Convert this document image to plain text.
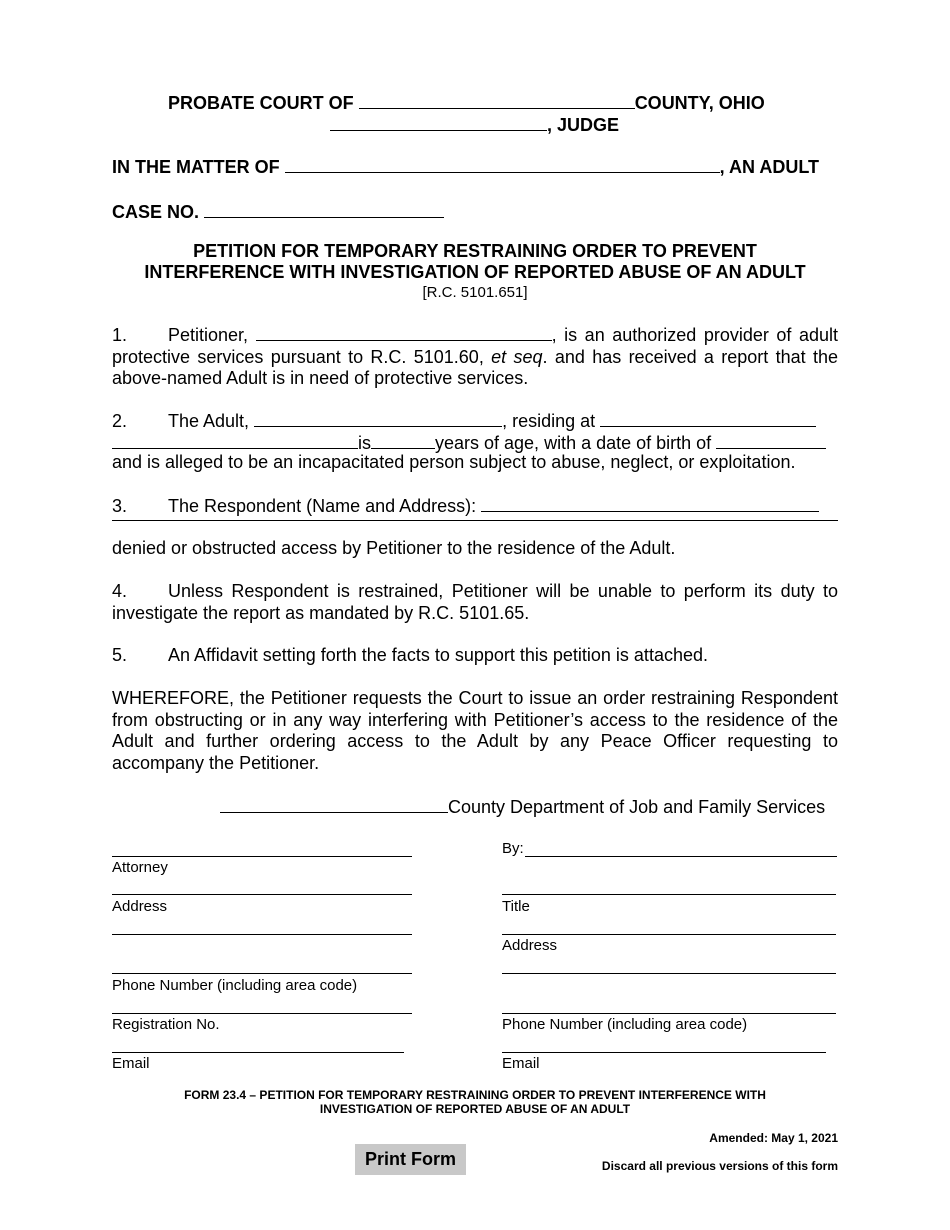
PROBATE COURT OF	COUNTY, OHIO
, JUDGE
IN THE MATTER OF	, AN ADULT
CASE NO.
PETITION FOR TEMPORARY RESTRAINING ORDER TO PREVENT
INTERFERENCE WITH INVESTIGATION OF REPORTED ABUSE OF AN ADULT
[R.C. 5101.651]
1. Petitioner,	, is an authorized provider of adult protective services pursuant to R.C. 5101.60, et seq. and has received a report that the above-named Adult is in need of protective services.
2. The Adult,	, residing at
is	years of age, with a date of birth of
and is alleged to be an incapacitated person subject to abuse, neglect, or exploitation.
3. The Respondent (Name and Address):
denied or obstructed access by Petitioner to the residence of the Adult.
4. Unless Respondent is restrained, Petitioner will be unable to perform its duty to investigate the report as mandated by R.C. 5101.65.
5. An Affidavit setting forth the facts to support this petition is attached.
WHEREFORE, the Petitioner requests the Court to issue an order restraining Respondent from obstructing or in any way interfering with Petitioner’s access to the residence of the Adult and further ordering access to the Adult by any Peace Officer requesting to accompany the Petitioner.
County Department of Job and Family Services
Attorney
Address
Phone Number (including area code)
Registration No.
Email
By:
Title
Address
Phone Number (including area code)
Email
FORM 23.4 – PETITION FOR TEMPORARY RESTRAINING ORDER TO PREVENT INTERFERENCE WITH
INVESTIGATION OF REPORTED ABUSE OF AN ADULT
Amended: May 1, 2021
Discard all previous versions of this form
Print Form
